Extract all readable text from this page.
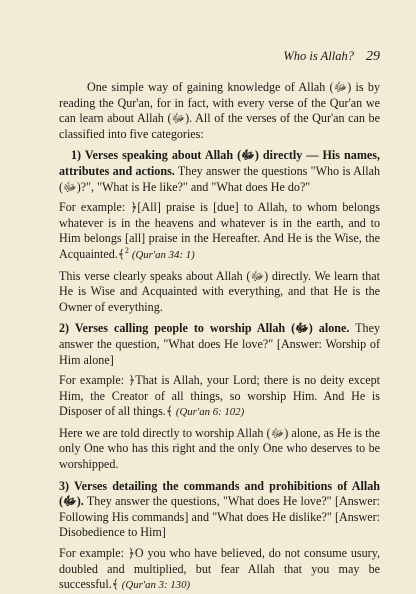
Who is Allah? 29

One simple way of gaining knowledge of Allah (ﷻ) is by reading the Qur'an, for in fact, with every verse of the Qur'an we can learn about Allah (ﷻ). All of the verses of the Qur'an can be classified into five categories:

1) Verses speaking about Allah (ﷻ) directly — His names, attributes and actions. They answer the questions "Who is Allah (ﷻ)?", "What is He like?" and "What does He do?"

For example: ﴿[All] praise is [due] to Allah, to whom belongs whatever is in the heavens and whatever is in the earth, and to Him belongs [all] praise in the Hereafter. And He is the Wise, the Acquainted.﴾$^2$ (Qur'an 34: 1)

This verse clearly speaks about Allah (ﷻ) directly. We learn that He is Wise and Acquainted with everything, and that He is the Owner of everything.

2) Verses calling people to worship Allah (ﷻ) alone. They answer the question, "What does He love?" [Answer: Worship of Him alone]

For example: ﴿That is Allah, your Lord; there is no deity except Him, the Creator of all things, so worship Him. And He is Disposer of all things.﴾ (Qur'an 6: 102)

Here we are told directly to worship Allah (ﷻ) alone, as He is the only One who has this right and the only One who deserves to be worshipped.

3) Verses detailing the commands and prohibitions of Allah (ﷻ). They answer the questions, "What does He love?" [Answer: Following His commands] and "What does He dislike?" [Answer: Disobedience to Him]

For example: ﴿O you who have believed, do not consume usury, doubled and multiplied, but fear Allah that you may be successful.﴾ (Qur'an 3: 130)
